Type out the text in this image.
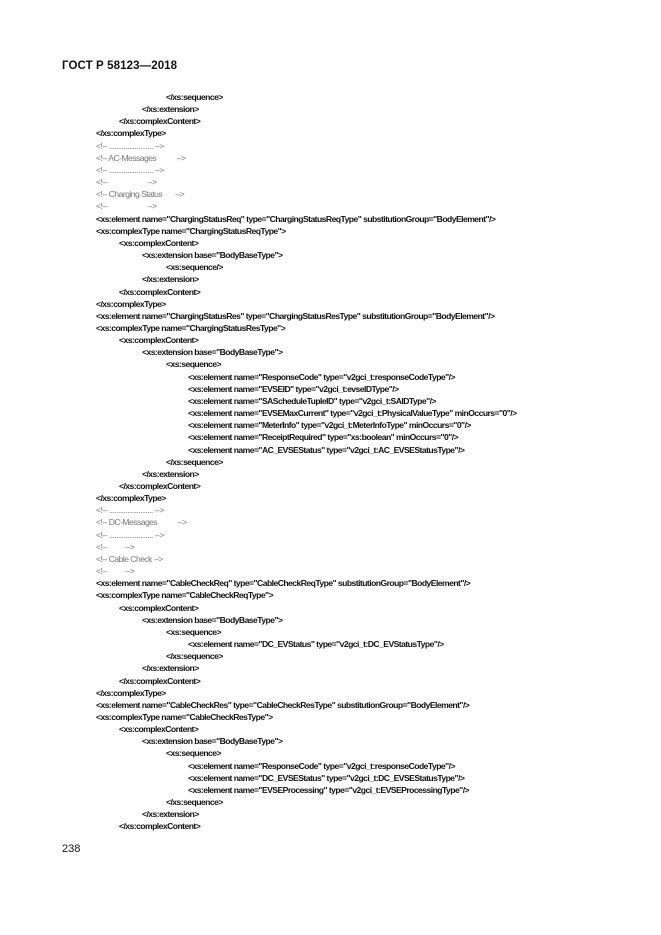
ГОСТ Р 58123—2018
</xs:sequence>
</xs:extension>
</xs:complexContent>
</xs:complexType>
<!-- ........................ -->
<!-- AC-Messages           -->
<!-- ........................ -->
<!--                      -->
<!-- Charging Status       -->
<!--                      -->
<xs:element name="ChargingStatusReq" type="ChargingStatusReqType" substitutionGroup="BodyElement"/>
<xs:complexType name="ChargingStatusReqType">
<xs:complexContent>
<xs:extension base="BodyBaseType">
<xs:sequence/>
</xs:extension>
</xs:complexContent>
</xs:complexType>
<xs:element name="ChargingStatusRes" type="ChargingStatusResType" substitutionGroup="BodyElement"/>
<xs:complexType name="ChargingStatusResType">
<xs:complexContent>
<xs:extension base="BodyBaseType">
<xs:sequence>
<xs:element name="ResponseCode" type="v2gci_t:responseCodeType"/>
<xs:element name="EVSEID" type="v2gci_t:evseIDType"/>
<xs:element name="SAScheduleTupleID" type="v2gci_t:SAIDType"/>
<xs:element name="EVSEMaxCurrent" type="v2gci_t:PhysicalValueType" minOccurs="0"/>
<xs:element name="MeterInfo" type="v2gci_t:MeterInfoType" minOccurs="0"/>
<xs:element name="ReceiptRequired" type="xs:boolean" minOccurs="0"/>
<xs:element name="AC_EVSEStatus" type="v2gci_t:AC_EVSEStatusType"/>
</xs:sequence>
</xs:extension>
</xs:complexContent>
</xs:complexType>
<!-- ........................ -->
<!-- DC-Messages           -->
<!-- ........................ -->
<!--          -->
<!-- Cable Check -->
<!--          -->
<xs:element name="CableCheckReq" type="CableCheckReqType" substitutionGroup="BodyElement"/>
<xs:complexType name="CableCheckReqType">
<xs:complexContent>
<xs:extension base="BodyBaseType">
<xs:sequence>
<xs:element name="DC_EVStatus" type="v2gci_t:DC_EVStatusType"/>
</xs:sequence>
</xs:extension>
</xs:complexContent>
</xs:complexType>
<xs:element name="CableCheckRes" type="CableCheckResType" substitutionGroup="BodyElement"/>
<xs:complexType name="CableCheckResType">
<xs:complexContent>
<xs:extension base="BodyBaseType">
<xs:sequence>
<xs:element name="ResponseCode" type="v2gci_t:responseCodeType"/>
<xs:element name="DC_EVSEStatus" type="v2gci_t:DC_EVSEStatusType"/>
<xs:element name="EVSEProcessing" type="v2gci_t:EVSEProcessingType"/>
</xs:sequence>
</xs:extension>
</xs:complexContent>
238
